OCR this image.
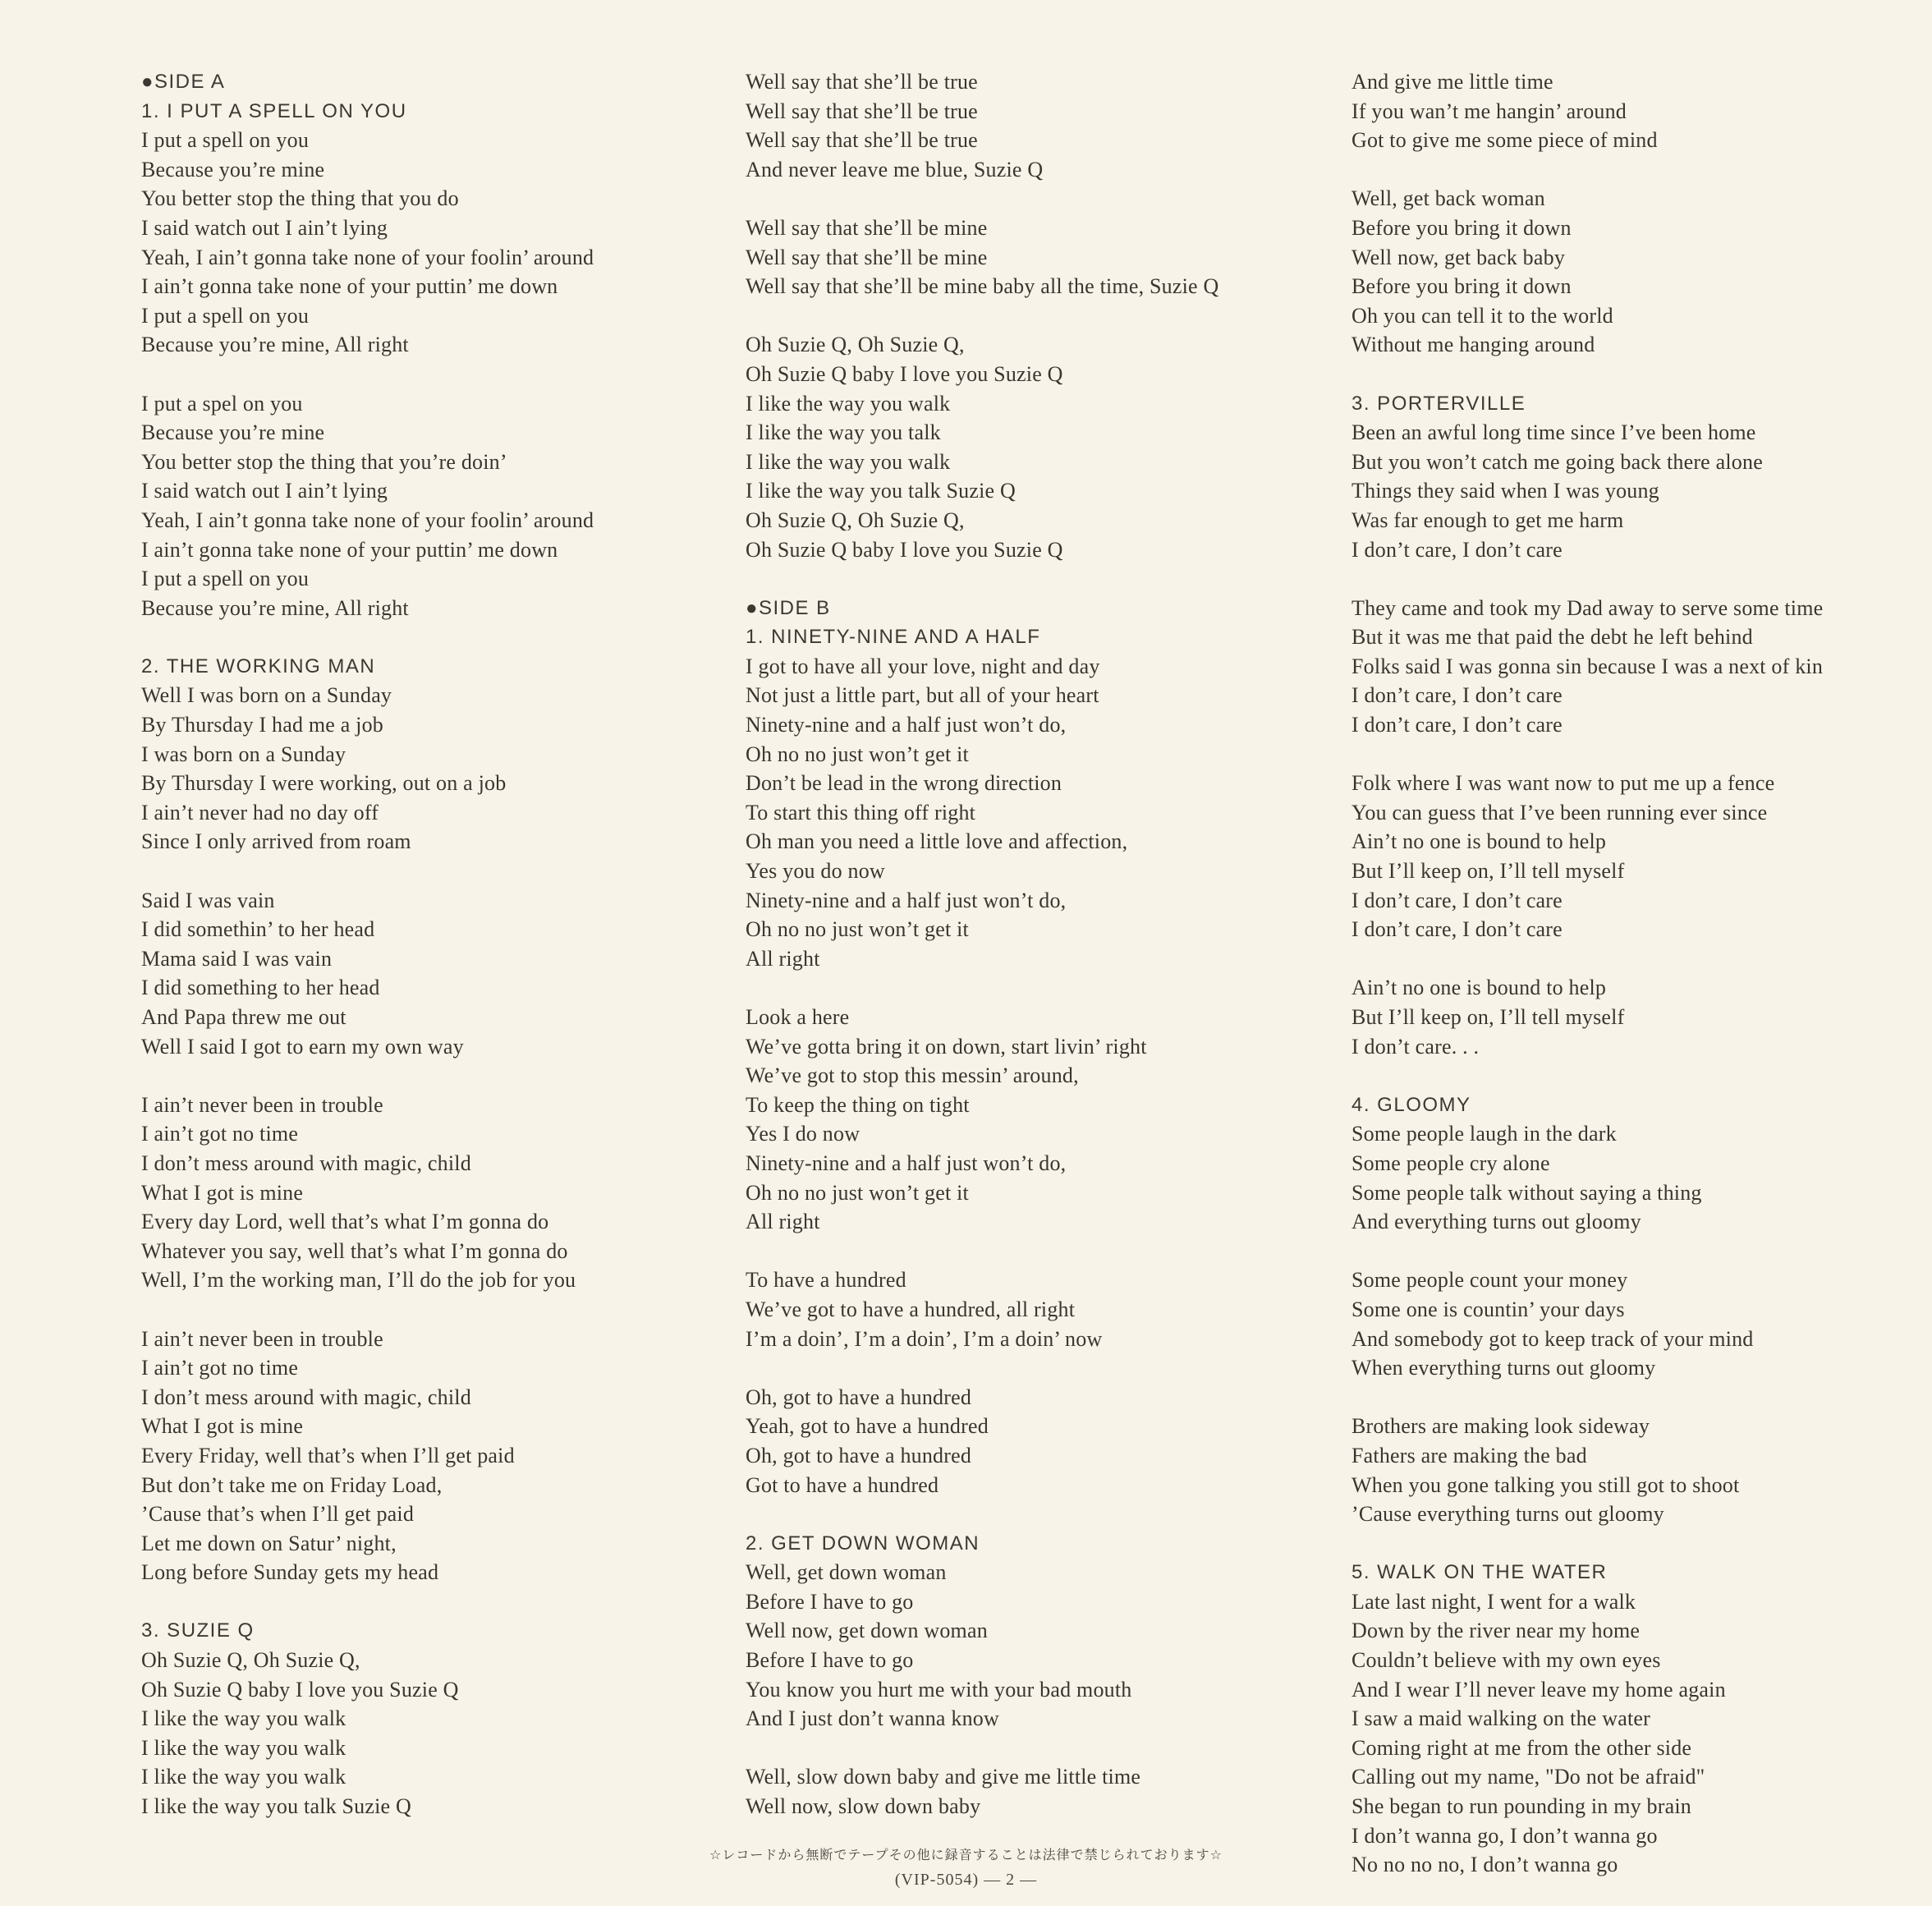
●SIDE A
1. I PUT A SPELL ON YOU
I put a spell on you
Because you’re mine
You better stop the thing that you do
I said watch out I ain’t lying
Yeah, I ain’t gonna take none of your foolin’ around
I ain’t gonna take none of your puttin’ me down
I put a spell on you
Because you’re mine, All right
I put a spel on you
Because you’re mine
You better stop the thing that you’re doin’
I said watch out I ain’t lying
Yeah, I ain’t gonna take none of your foolin’ around
I ain’t gonna take none of your puttin’ me down
I put a spell on you
Because you’re mine, All right
2. THE WORKING MAN
Well I was born on a Sunday
By Thursday I had me a job
I was born on a Sunday
By Thursday I were working, out on a job
I ain’t never had no day off
Since I only arrived from roam
Said I was vain
I did somethin’ to her head
Mama said I was vain
I did something to her head
And Papa threw me out
Well I said I got to earn my own way
I ain’t never been in trouble
I ain’t got no time
I don’t mess around with magic, child
What I got is mine
Every day Lord, well that’s what I’m gonna do
Whatever you say, well that’s what I’m gonna do
Well, I’m the working man, I’ll do the job for you
I ain’t never been in trouble
I ain’t got no time
I don’t mess around with magic, child
What I got is mine
Every Friday, well that’s when I’ll get paid
But don’t take me on Friday Load,
’Cause that’s when I’ll get paid
Let me down on Satur’ night,
Long before Sunday gets my head
3. SUZIE Q
Oh Suzie Q, Oh Suzie Q,
Oh Suzie Q baby I love you Suzie Q
I like the way you walk
I like the way you walk
I like the way you walk
I like the way you talk Suzie Q
Well say that she’ll be true
Well say that she’ll be true
Well say that she’ll be true
And never leave me blue, Suzie Q
Well say that she’ll be mine
Well say that she’ll be mine
Well say that she’ll be mine baby all the time, Suzie Q
Oh Suzie Q, Oh Suzie Q,
Oh Suzie Q baby I love you Suzie Q
I like the way you walk
I like the way you talk
I like the way you walk
I like the way you talk Suzie Q
Oh Suzie Q, Oh Suzie Q,
Oh Suzie Q baby I love you Suzie Q
●SIDE B
1. NINETY-NINE AND A HALF
I got to have all your love, night and day
Not just a little part, but all of your heart
Ninety-nine and a half just won’t do,
Oh no no just won’t get it
Don’t be lead in the wrong direction
To start this thing off right
Oh man you need a little love and affection,
Yes you do now
Ninety-nine and a half just won’t do,
Oh no no just won’t get it
All right
Look a here
We’ve gotta bring it on down, start livin’ right
We’ve got to stop this messin’ around,
To keep the thing on tight
Yes I do now
Ninety-nine and a half just won’t do,
Oh no no just won’t get it
All right
To have a hundred
We’ve got to have a hundred, all right
I’m a doin’, I’m a doin’, I’m a doin’ now
Oh, got to have a hundred
Yeah, got to have a hundred
Oh, got to have a hundred
Got to have a hundred
2. GET DOWN WOMAN
Well, get down woman
Before I have to go
Well now, get down woman
Before I have to go
You know you hurt me with your bad mouth
And I just don’t wanna know
Well, slow down baby and give me little time
Well now, slow down baby
And give me little time
If you wan’t me hangin’ around
Got to give me some piece of mind
Well, get back woman
Before you bring it down
Well now, get back baby
Before you bring it down
Oh you can tell it to the world
Without me hanging around
3. PORTERVILLE
Been an awful long time since I’ve been home
But you won’t catch me going back there alone
Things they said when I was young
Was far enough to get me harm
I don’t care, I don’t care
They came and took my Dad away to serve some time
But it was me that paid the debt he left behind
Folks said I was gonna sin because I was a next of kin
I don’t care, I don’t care
I don’t care, I don’t care
Folk where I was want now to put me up a fence
You can guess that I’ve been running ever since
Ain’t no one is bound to help
But I’ll keep on, I’ll tell myself
I don’t care, I don’t care
I don’t care, I don’t care
Ain’t no one is bound to help
But I’ll keep on, I’ll tell myself
I don’t care. . .
4. GLOOMY
Some people laugh in the dark
Some people cry alone
Some people talk without saying a thing
And everything turns out gloomy
Some people count your money
Some one is countin’ your days
And somebody got to keep track of your mind
When everything turns out gloomy
Brothers are making look sideway
Fathers are making the bad
When you gone talking you still got to shoot
’Cause everything turns out gloomy
5. WALK ON THE WATER
Late last night, I went for a walk
Down by the river near my home
Couldn’t believe with my own eyes
And I wear I’ll never leave my home again
I saw a maid walking on the water
Coming right at me from the other side
Calling out my name, "Do not be afraid"
She began to run pounding in my brain
I don’t wanna go, I don’t wanna go
No no no no, I don’t wanna go
☆レコードから無断でテープその他に録音することは法律で禁じられております☆
(VIP-5054) — 2 —
